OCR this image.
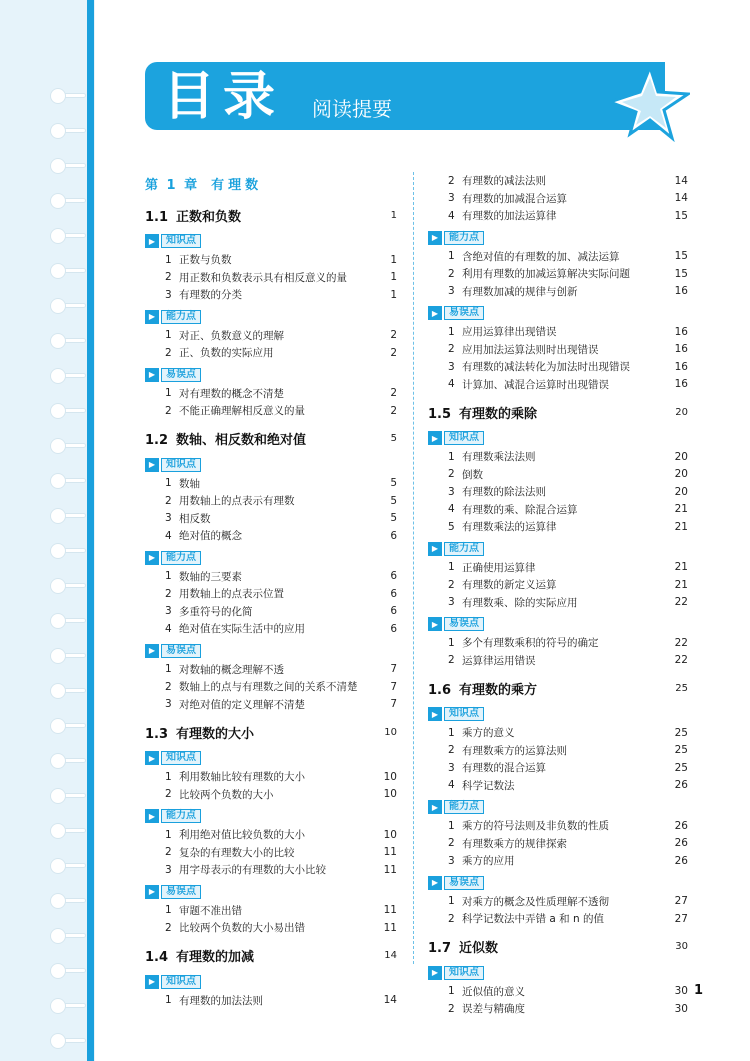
目录 阅读提要
第 1 章 有理数
1.1 正数和负数	1
▶	知识点
1 正数与负数	1
2 用正数和负数表示具有相反意义的量	1
3 有理数的分类	1
▶	能力点
1 对正、负数意义的理解	2
2 正、负数的实际应用	2
▶	易误点
1 对有理数的概念不清楚	2
2 不能正确理解相反意义的量	2
1.2 数轴、相反数和绝对值	5
▶	知识点
1 数轴	5
2 用数轴上的点表示有理数	5
3 相反数	5
4 绝对值的概念	6
▶	能力点
1 数轴的三要素	6
2 用数轴上的点表示位置	6
3 多重符号的化简	6
4 绝对值在实际生活中的应用	6
▶	易误点
1 对数轴的概念理解不透	7
2 数轴上的点与有理数之间的关系不清楚	7
3 对绝对值的定义理解不清楚	7
1.3 有理数的大小	10
▶	知识点
1 利用数轴比较有理数的大小	10
2 比较两个负数的大小	10
▶	能力点
1 利用绝对值比较负数的大小	10
2 复杂的有理数大小的比较	11
3 用字母表示的有理数的大小比较	11
▶	易误点
1 审题不准出错	11
2 比较两个负数的大小易出错	11
1.4 有理数的加减	14
▶	知识点
1 有理数的加法法则	14
2 有理数的减法法则	14
3 有理数的加减混合运算	14
4 有理数的加法运算律	15
▶	能力点
1 含绝对值的有理数的加、减法运算	15
2 利用有理数的加减运算解决实际问题	15
3 有理数加减的规律与创新	16
▶	易误点
1 应用运算律出现错误	16
2 应用加法运算法则时出现错误	16
3 有理数的减法转化为加法时出现错误	16
4 计算加、减混合运算时出现错误	16
1.5 有理数的乘除	20
▶	知识点
1 有理数乘法法则	20
2 倒数	20
3 有理数的除法法则	20
4 有理数的乘、除混合运算	21
5 有理数乘法的运算律	21
▶	能力点
1 正确使用运算律	21
2 有理数的新定义运算	21
3 有理数乘、除的实际应用	22
▶	易误点
1 多个有理数乘积的符号的确定	22
2 运算律运用错误	22
1.6 有理数的乘方	25
▶	知识点
1 乘方的意义	25
2 有理数乘方的运算法则	25
3 有理数的混合运算	25
4 科学记数法	26
▶	能力点
1 乘方的符号法则及非负数的性质	26
2 有理数乘方的规律探索	26
3 乘方的应用	26
▶	易误点
1 对乘方的概念及性质理解不透彻	27
2 科学记数法中弄错 a 和 n 的值	27
1.7 近似数	30
▶	知识点
1 近似值的意义	30
2 误差与精确度	30
1
